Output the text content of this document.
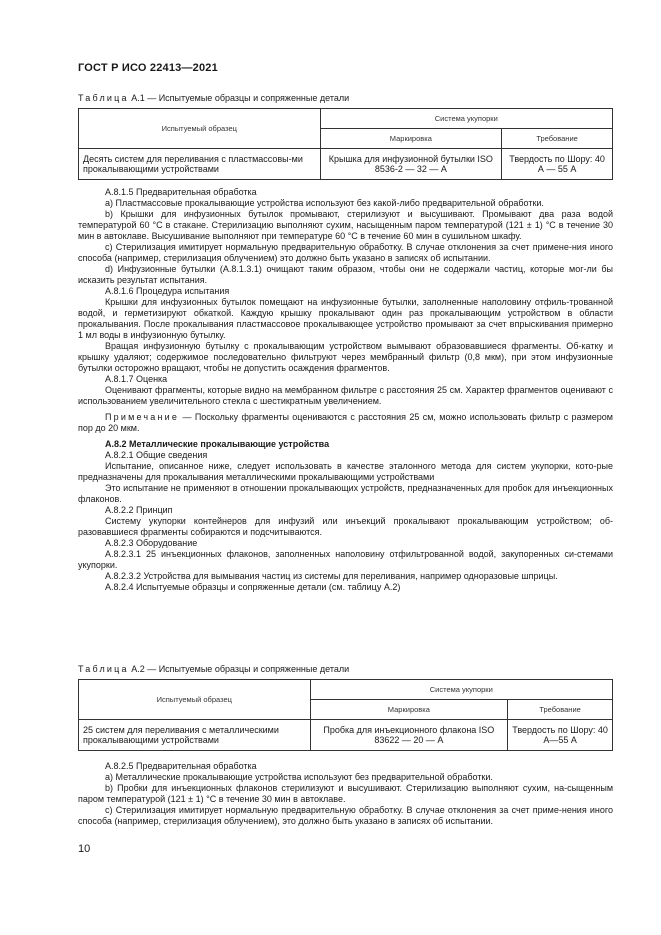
ГОСТ Р ИСО 22413—2021
Таблица А.1 — Испытуемые образцы и сопряженные детали
Испытуемый образец	Система укупорки	
	Маркировка	Требование
Десять систем для переливания с пластмассовы-ми прокалывающими устройствами	Крышка для инфузионной бутылки ISO 8536-2 — 32 — А	Твердость по Шору: 40 А — 55 А

А.8.1.5 Предварительная обработка

a) Пластмассовые прокалывающие устройства используют без какой-либо предварительной обработки.

b) Крышки для инфузионных бутылок промывают, стерилизуют и высушивают. Промывают два раза водой температурой 60 °С в стакане. Стерилизацию выполняют сухим, насыщенным паром температурой (121 ± 1) °С в течение 30 мин в автоклаве. Высушивание выполняют при температуре 60 °С в течение 60 мин в сушильном шкафу.

с) Стерилизация имитирует нормальную предварительную обработку. В случае отклонения за счет примене-ния иного способа (например, стерилизация облучением) это должно быть указано в записях об испытании.

d) Инфузионные бутылки (А.8.1.3.1) очищают таким образом, чтобы они не содержали частиц, которые мог-ли бы исказить результат испытания.

А.8.1.6 Процедура испытания

Крышки для инфузионных бутылок помещают на инфузионные бутылки, заполненные наполовину отфиль-трованной водой, и герметизируют обкаткой. Каждую крышку прокалывают один раз прокалывающим устройством в области прокалывания. После прокалывания пластмассовое прокалывающее устройство промывают за счет впрыскивания примерно 1 мл воды в инфузионную бутылку.

Вращая инфузионную бутылку с прокалывающим устройством вымывают образовавшиеся фрагменты. Об-катку и крышку удаляют; содержимое последовательно фильтруют через мембранный фильтр (0,8 мкм), при этом инфузионные бутылки осторожно вращают, чтобы не допустить осаждения фрагментов.

А.8.1.7 Оценка

Оценивают фрагменты, которые видно на мембранном фильтре с расстояния 25 см. Характер фрагментов оценивают с использованием увеличительного стекла с шестикратным увеличением.

Примечание — Поскольку фрагменты оцениваются с расстояния 25 см, можно использовать фильтр с размером пор до 20 мкм.

А.8.2 Металлические прокалывающие устройства

А.8.2.1 Общие сведения

Испытание, описанное ниже, следует использовать в качестве эталонного метода для систем укупорки, кото-рые предназначены для прокалывания металлическими прокалывающими устройствами

Это испытание не применяют в отношении прокалывающих устройств, предназначенных для пробок для инъекционных флаконов.

А.8.2.2 Принцип

Систему укупорки контейнеров для инфузий или инъекций прокалывают прокалывающим устройством; об-разовавшиеся фрагменты собираются и подсчитываются.

А.8.2.3 Оборудование

А.8.2.3.1 25 инъекционных флаконов, заполненных наполовину отфильтрованной водой, закупоренных си-стемами укупорки.

А.8.2.3.2 Устройства для вымывания частиц из системы для переливания, например одноразовые шприцы.

А.8.2.4 Испытуемые образцы и сопряженные детали (см. таблицу А.2)

Таблица А.2 — Испытуемые образцы и сопряженные детали
Испытуемый образец	Система укупорки	
	Маркировка	Требование
25 систем для переливания с металлическими прокалывающими устройствами	Пробка для инъекционного флакона ISO 83622 — 20 — А	Твердость по Шору: 40 А—55 А

А.8.2.5 Предварительная обработка

a) Металлические прокалывающие устройства используют без предварительной обработки.

b) Пробки для инъекционных флаконов стерилизуют и высушивают. Стерилизацию выполняют сухим, на-сыщенным паром температурой (121 ± 1) °С в течение 30 мин в автоклаве.

с) Стерилизация имитирует нормальную предварительную обработку. В случае отклонения за счет приме-нения иного способа (например, стерилизация облучением), это должно быть указано в записях об испытании.

10
